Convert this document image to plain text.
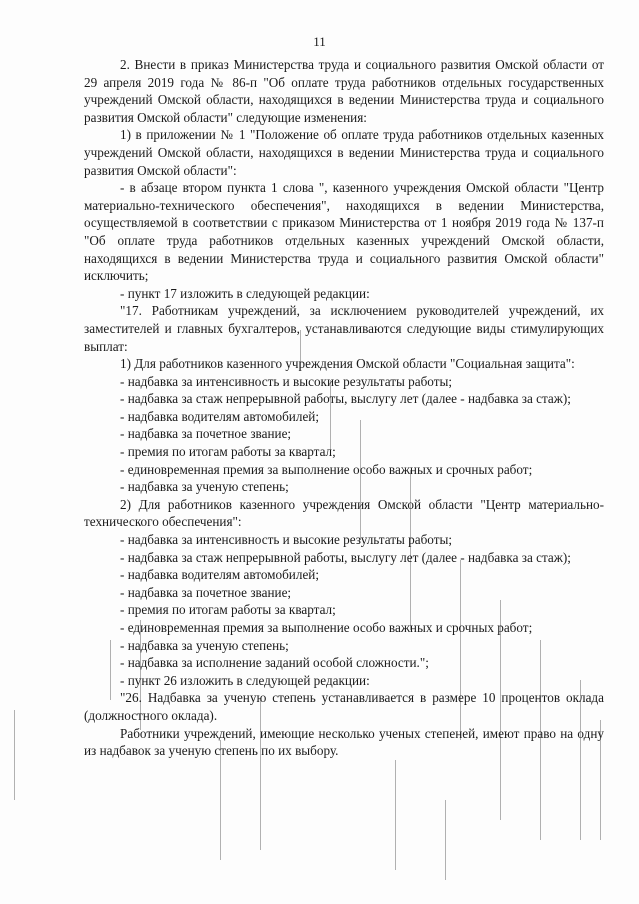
11

2. Внести в приказ Министерства труда и социального развития Омской области от 29 апреля 2019 года № 86-п "Об оплате труда работников отдельных государственных учреждений Омской области, находящихся в ведении Министерства труда и социального развития Омской области" следующие изменения:

1) в приложении № 1 "Положение об оплате труда работников отдельных казенных учреждений Омской области, находящихся в ведении Министерства труда и социального развития Омской области":

- в абзаце втором пункта 1 слова ", казенного учреждения Омской области "Центр материально-технического обеспечения", находящихся в ведении Министерства, осуществляемой в соответствии с приказом Министерства от 1 ноября 2019 года № 137-п "Об оплате труда работников отдельных казенных учреждений Омской области, находящихся в ведении Министерства труда и социального развития Омской области" исключить;

- пункт 17 изложить в следующей редакции:

"17. Работникам учреждений, за исключением руководителей учреждений, их заместителей и главных бухгалтеров, устанавливаются следующие виды стимулирующих выплат:

1) Для работников казенного учреждения Омской области "Социальная защита":

- надбавка за интенсивность и высокие результаты работы;

- надбавка за стаж непрерывной работы, выслугу лет (далее - надбавка за стаж);

- надбавка водителям автомобилей;

- надбавка за почетное звание;

- премия по итогам работы за квартал;

- единовременная премия за выполнение особо важных и срочных работ;

- надбавка за ученую степень;

2) Для работников казенного учреждения Омской области "Центр материально-технического обеспечения":

- надбавка за интенсивность и высокие результаты работы;

- надбавка за стаж непрерывной работы, выслугу лет (далее - надбавка за стаж);

- надбавка водителям автомобилей;

- надбавка за почетное звание;

- премия по итогам работы за квартал;

- единовременная премия за выполнение особо важных и срочных работ;

- надбавка за ученую степень;

- надбавка за исполнение заданий особой сложности.";

- пункт 26 изложить в следующей редакции:

"26. Надбавка за ученую степень устанавливается в размере 10 процентов оклада (должностного оклада).

Работники учреждений, имеющие несколько ученых степеней, имеют право на одну из надбавок за ученую степень по их выбору.
